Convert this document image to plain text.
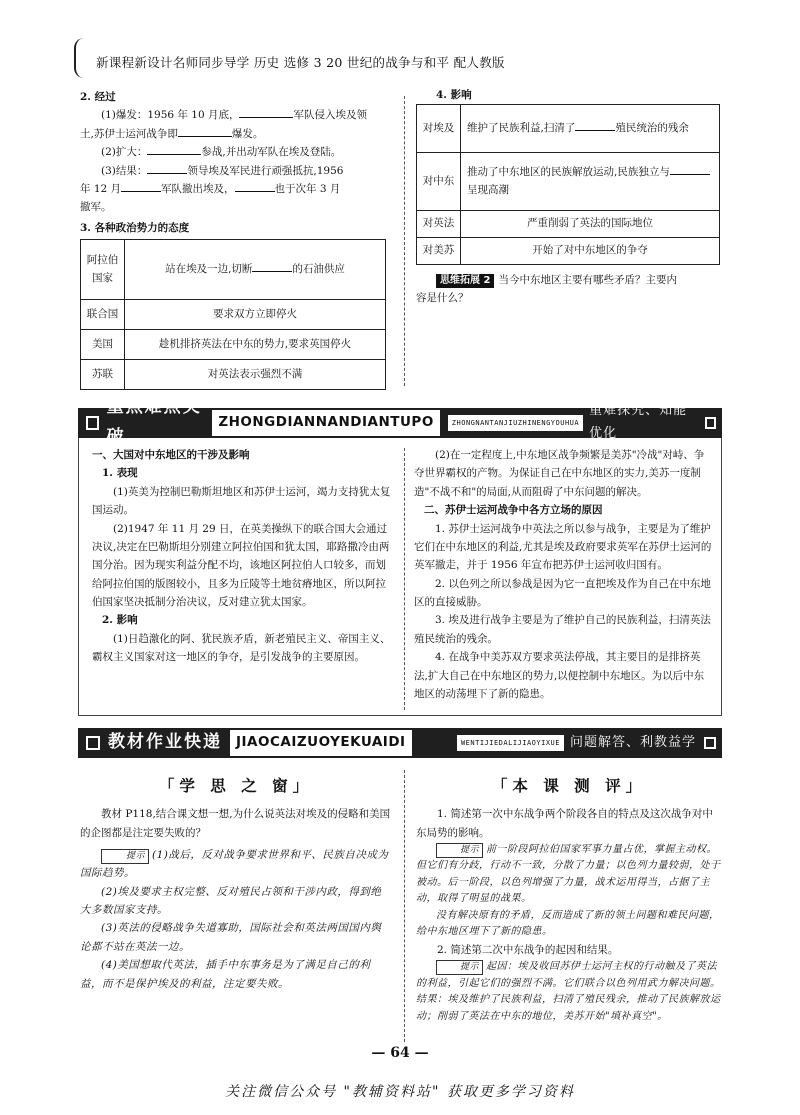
新课程新设计名师同步导学 历史 选修 3 20 世纪的战争与和平 配人教版
2. 经过

(1)爆发：1956 年 10 月底，	军队侵入埃及领

土,苏伊士运河战争即	爆发。

(2)扩大：	参战,并出动军队在埃及登陆。

(3)结果：	领导埃及军民进行顽强抵抗,1956

年 12 月	军队撤出埃及，	也于次年 3 月

撤军。

3. 各种政治势力的态度
阿拉伯国家	站在埃及一边,切断 的石油供应
联合国	要求双方立即停火
美国	趁机排挤英法在中东的势力,要求英国停火
苏联	对英法表示强烈不满
4. 影响
对埃及	维护了民族利益,扫清了 殖民统治的残余
对中东	推动了中东地区的民族解放运动,民族独立与呈现高潮
对英法	严重削弱了英法的国际地位
对美苏	开始了对中东地区的争夺

思维拓展 2 当今中东地区主要有哪些矛盾？主要内

容是什么？

重点难点突破
ZHONGDIANNANDIANTUPO	ZHONGNANTANJIUZHINENGYOUHUA
重难探究、知能优化
一、大国对中东地区的干涉及影响
1. 表现

(1)英美为控制巴勒斯坦地区和苏伊士运河，竭力支持犹太复国运动。

(2)1947 年 11 月 29 日，在英美操纵下的联合国大会通过决议,决定在巴勒斯坦分别建立阿拉伯国和犹太国，耶路撒冷由两国分治。因为现实利益分配不均，该地区阿拉伯人口较多，而划给阿拉伯国的版图较小，且多为丘陵等土地贫瘠地区，所以阿拉伯国家坚决抵制分治决议，反对建立犹太国家。

2. 影响

(1)日趋激化的阿、犹民族矛盾，新老殖民主义、帝国主义、霸权主义国家对这一地区的争夺，是引发战争的主要原因。

(2)在一定程度上,中东地区战争频繁是美苏"冷战"对峙、争夺世界霸权的产物。为保证自己在中东地区的实力,美苏一度制造"不战不和"的局面,从而阻碍了中东问题的解决。

二、苏伊士运河战争中各方立场的原因

1. 苏伊士运河战争中英法之所以参与战争，主要是为了维护它们在中东地区的利益,尤其是埃及政府要求英军在苏伊士运河的英军撤走，并于 1956 年宣布把苏伊士运河收归国有。

2. 以色列之所以参战是因为它一直把埃及作为自己在中东地区的直接威胁。

3. 埃及进行战争主要是为了维护自己的民族利益，扫清英法殖民统治的残余。

4. 在战争中美苏双方要求英法停战，其主要目的是排挤英法,扩大自己在中东地区的势力,以便控制中东地区。为以后中东地区的动荡埋下了新的隐患。

教材作业快递	JIAOCAIZUOYEKUAIDI	WENTIJIEDALIJIAOYIXUE 问题解答、利教益学
「学 思 之 窗」

教材 P118,结合课文想一想,为什么说英法对埃及的侵略和美国的企图都是注定要失败的？

提示 (1)战后，反对战争要求世界和平、民族自决成为国际趋势。

(2)埃及要求主权完整、反对殖民占领和干涉内政，得到绝大多数国家支持。

(3)英法的侵略战争失道寡助，国际社会和英法两国国内舆论都不站在英法一边。

(4)美国想取代英法，插手中东事务是为了满足自己的利益，而不是保护埃及的利益，注定要失败。

「本 课 测 评」

1. 简述第一次中东战争两个阶段各自的特点及这次战争对中东局势的影响。

提示 前一阶段阿拉伯国家军事力量占优，掌握主动权。但它们有分歧，行动不一致，分散了力量；以色列力量较弱，处于被动。后一阶段，以色列增强了力量，战术运用得当，占据了主动，取得了明显的战果。

没有解决原有的矛盾，反而造成了新的领土问题和难民问题，给中东地区埋下了新的隐患。

2. 简述第二次中东战争的起因和结果。

提示 起因：埃及收回苏伊士运河主权的行动触及了英法的利益，引起它们的强烈不满。它们联合以色列用武力解决问题。结果：埃及维护了民族利益，扫清了殖民残余，推动了民族解放运动；削弱了英法在中东的地位，美苏开始"填补真空"。

— 64 —
关注微信公众号 "教辅资料站" 获取更多学习资料
